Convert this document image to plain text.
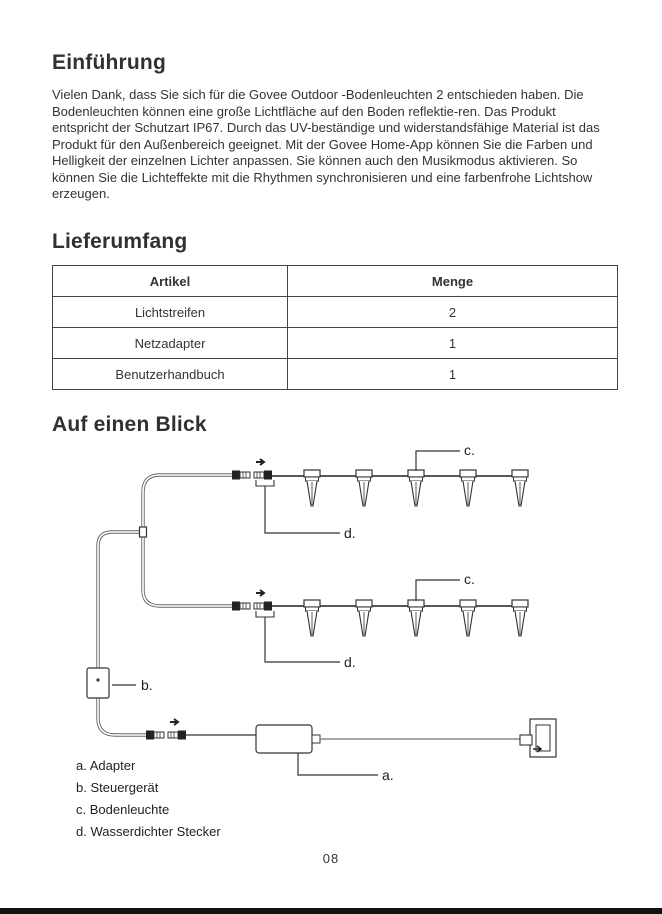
Einführung

Vielen Dank, dass Sie sich für die Govee Outdoor -Bodenleuchten 2 entschieden haben. Die Bodenleuchten können eine große Lichtfläche auf den Boden reflektie-ren. Das Produkt entspricht der Schutzart IP67. Durch das UV-beständige und widerstandsfähige Material ist das Produkt für den Außenbereich geeignet. Mit der Govee Home-App können Sie die Farben und Helligkeit der einzelnen Lichter anpassen. Sie können auch den Musikmodus aktivieren. So können Sie die Lichteffekte mit die Rhythmen synchronisieren und eine farbenfrohe Lichtshow erzeugen.

Lieferumfang
Artikel	Menge
Lichtstreifen	2
Netzadapter	1
Benutzerhandbuch	1
Auf einen Blick
c.
d.
c.
d.
b.
a.
a. Adapter
b. Steuergerät
c. Bodenleuchte
d. Wasserdichter Stecker
08
